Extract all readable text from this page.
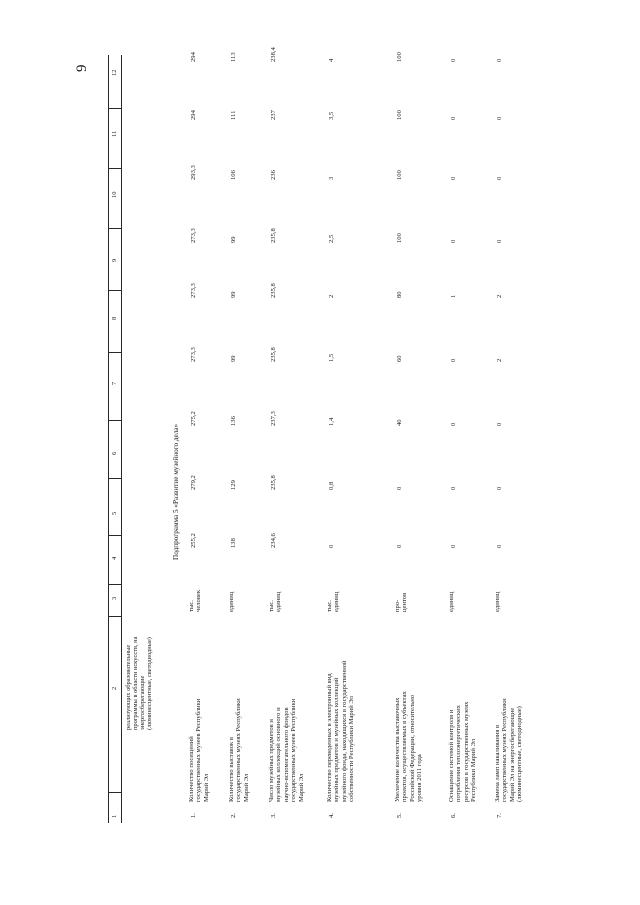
9
реализующих образовательные программы в области искусств, на энергосберегающие (люминесцентные, светодиодные)
Подпрограмма 5 «Развитие музейного дела»
1
2
3
4
5
6
7
8
9
10
11
12
1.
Количество посещений государственных музеев Республики Марий Эл
тыс. человек
255,2
279,2
275,2
273,3
273,3
273,3
293,3
294
294
2.
Количество выставок в государственных музеях Республики Марий Эл
единиц
138
129
136
99
99
99
106
111
113
3.
Число музейных предметов и музейных коллекций основного и научно-вспомогательного фондов государственных музеев Республики Марий Эл
тыс. единиц
234,6
235,8
237,3
235,8
235,8
235,8
236
237
238,4
4.
Количество переведенных в электронный вид музейных предметов и музейных коллекций музейного фонда, находящихся в государственной собственности Республики Марий Эл
тыс. единиц
0
0,8
1,4
1,5
2
2,5
3
3,5
4
5.
Увеличение количества выставочных проектов, осуществляемых в субъектах Российской Федерации, относительно уровня 2011 года
про-центов
0
0
40
60
80
100
100
100
100
6.
Оснащение системой контроля и потребления теплоэнергетических ресурсов в государственных музеях Республики Марий Эл
единиц
0
0
0
0
1
0
0
0
0
7.
Замена ламп накаливания в государственных музеях Республики Марий Эл на энергосберегающие (люминесцентные, светодиодные)
единиц
0
0
0
2
2
0
0
0
0
